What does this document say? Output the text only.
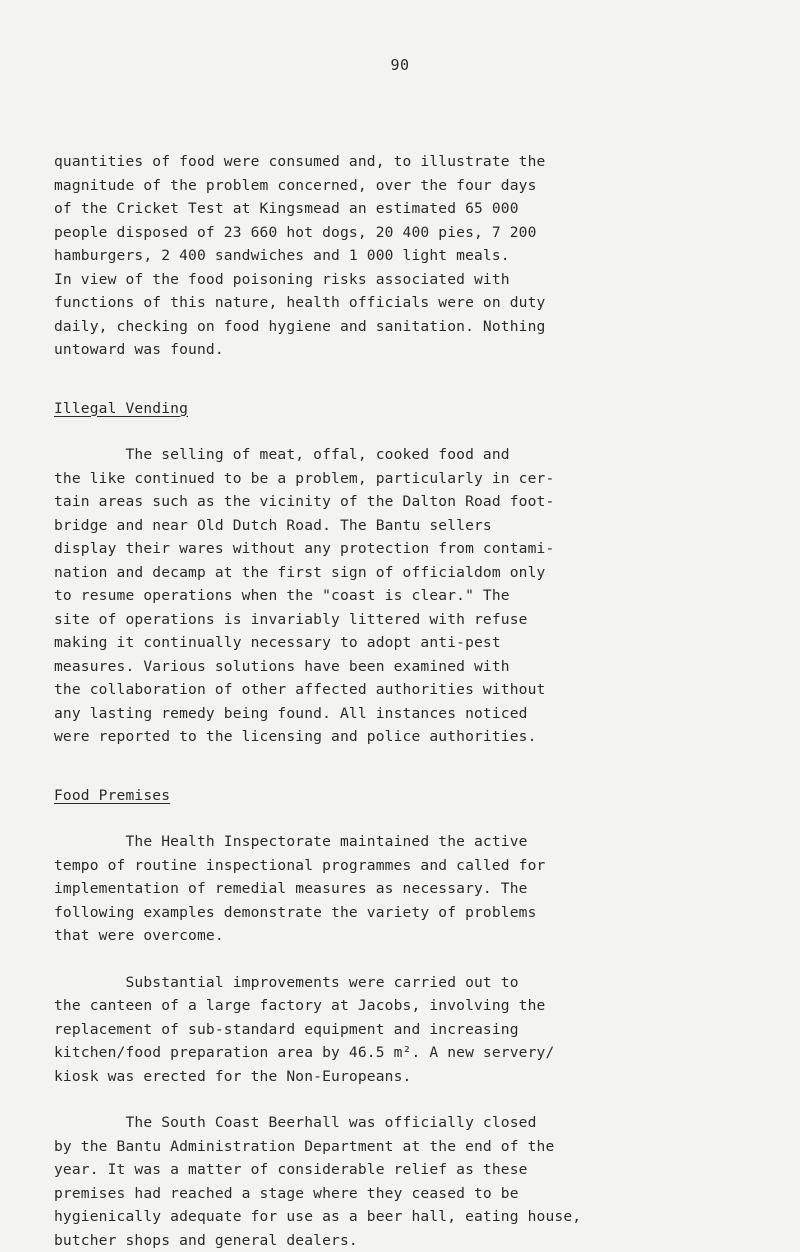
90
quantities of food were consumed and, to illustrate the
magnitude of the problem concerned, over the four days
of the Cricket Test at Kingsmead an estimated 65 000
people disposed of 23 660 hot dogs, 20 400 pies, 7 200
hamburgers, 2 400 sandwiches and 1 000 light meals.
In view of the food poisoning risks associated with
functions of this nature, health officials were on duty
daily, checking on food hygiene and sanitation. Nothing
untoward was found.
Illegal Vending
The selling of meat, offal, cooked food and
the like continued to be a problem, particularly in cer-
tain areas such as the vicinity of the Dalton Road foot-
bridge and near Old Dutch Road. The Bantu sellers
display their wares without any protection from contami-
nation and decamp at the first sign of officialdom only
to resume operations when the "coast is clear." The
site of operations is invariably littered with refuse
making it continually necessary to adopt anti-pest
measures. Various solutions have been examined with
the collaboration of other affected authorities without
any lasting remedy being found. All instances noticed
were reported to the licensing and police authorities.
Food Premises
The Health Inspectorate maintained the active
tempo of routine inspectional programmes and called for
implementation of remedial measures as necessary. The
following examples demonstrate the variety of problems
that were overcome.
Substantial improvements were carried out to
the canteen of a large factory at Jacobs, involving the
replacement of sub-standard equipment and increasing
kitchen/food preparation area by 46.5 m². A new servery/
kiosk was erected for the Non-Europeans.
The South Coast Beerhall was officially closed
by the Bantu Administration Department at the end of the
year. It was a matter of considerable relief as these
premises had reached a stage where they ceased to be
hygienically adequate for use as a beer hall, eating house,
butcher shops and general dealers.
